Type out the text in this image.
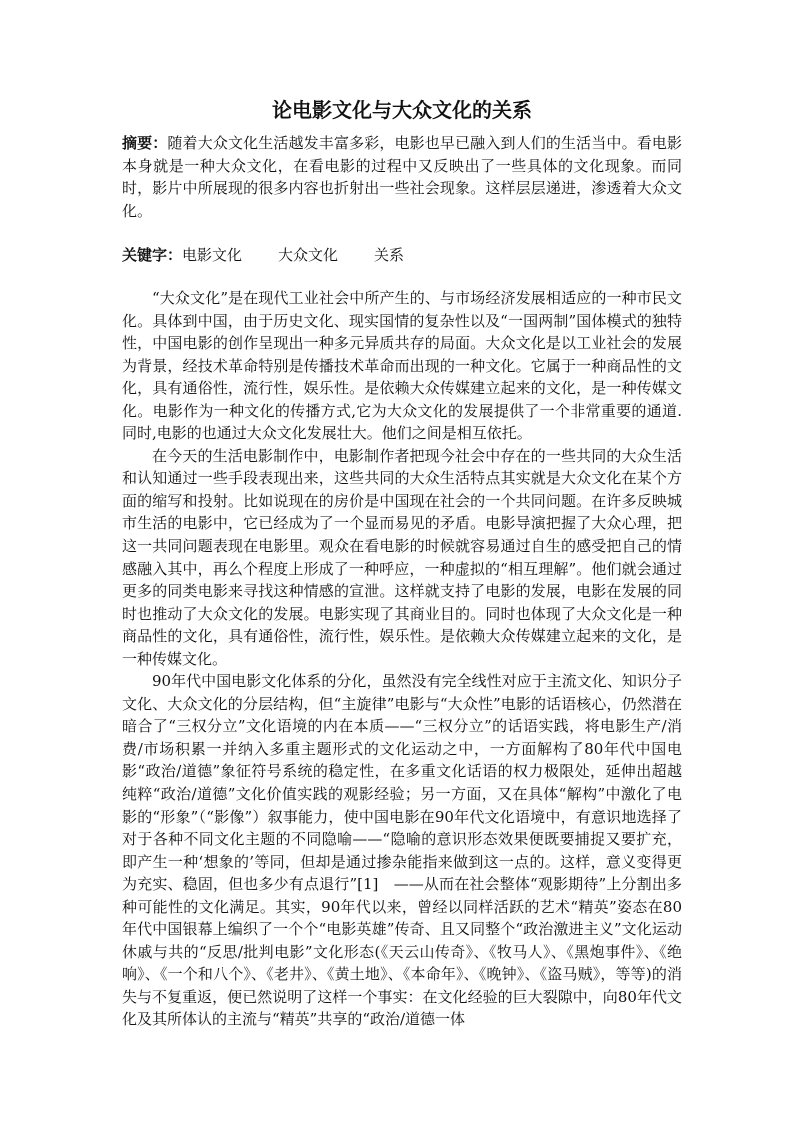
论电影文化与大众文化的关系

摘要：随着大众文化生活越发丰富多彩，电影也早已融入到人们的生活当中。看电影本身就是一种大众文化，在看电影的过程中又反映出了一些具体的文化现象。而同时，影片中所展现的很多内容也折射出一些社会现象。这样层层递进，渗透着大众文化。

关键字：电影文化 大众文化 关系

“大众文化”是在现代工业社会中所产生的、与市场经济发展相适应的一种市民文化。具体到中国，由于历史文化、现实国情的复杂性以及“一国两制”国体模式的独特性，中国电影的创作呈现出一种多元异质共存的局面。大众文化是以工业社会的发展为背景，经技术革命特别是传播技术革命而出现的一种文化。它属于一种商品性的文化，具有通俗性，流行性，娱乐性。是依赖大众传媒建立起来的文化，是一种传媒文化。电影作为一种文化的传播方式,它为大众文化的发展提供了一个非常重要的通道.同时,电影的也通过大众文化发展壮大。他们之间是相互依托。

在今天的生活电影制作中，电影制作者把现今社会中存在的一些共同的大众生活和认知通过一些手段表现出来，这些共同的大众生活特点其实就是大众文化在某个方面的缩写和投射。比如说现在的房价是中国现在社会的一个共同问题。在许多反映城市生活的电影中，它已经成为了一个显而易见的矛盾。电影导演把握了大众心理，把这一共同问题表现在电影里。观众在看电影的时候就容易通过自生的感受把自己的情感融入其中，再么个程度上形成了一种呼应，一种虚拟的“相互理解”。他们就会通过更多的同类电影来寻找这种情感的宣泄。这样就支持了电影的发展，电影在发展的同时也推动了大众文化的发展。电影实现了其商业目的。同时也体现了大众文化是一种商品性的文化，具有通俗性，流行性，娱乐性。是依赖大众传媒建立起来的文化，是一种传媒文化。

90年代中国电影文化体系的分化，虽然没有完全线性对应于主流文化、知识分子文化、大众文化的分层结构，但“主旋律”电影与“大众性”电影的话语核心，仍然潜在暗合了“三权分立”文化语境的内在本质——“三权分立”的话语实践，将电影生产/消费/市场积累一并纳入多重主题形式的文化运动之中，一方面解构了80年代中国电影“政治/道德”象征符号系统的稳定性，在多重文化话语的权力极限处，延伸出超越纯粹“政治/道德”文化价值实践的观影经验；另一方面，又在具体“解构”中激化了电影的“形象”（“影像”）叙事能力，使中国电影在90年代文化语境中，有意识地选择了对于各种不同文化主题的不同隐喻——“隐喻的意识形态效果便既要捕捉又要扩充，即产生一种‘想象的’等同，但却是通过掺杂能指来做到这一点的。这样，意义变得更为充实、稳固，但也多少有点退行”[1]　——从而在社会整体“观影期待”上分割出多种可能性的文化满足。其实，90年代以来，曾经以同样活跃的艺术“精英”姿态在80年代中国银幕上编织了一个个“电影英雄”传奇、且又同整个“政治激进主义”文化运动休戚与共的“反思/批判电影”文化形态(《天云山传奇》、《牧马人》、《黑炮事件》、《绝响》、《一个和八个》、《老井》、《黄土地》、《本命年》、《晚钟》、《盗马贼》，等等)的消失与不复重返，便已然说明了这样一个事实：在文化经验的巨大裂隙中，向80年代文化及其所体认的主流与“精英”共享的“政治/道德一体
